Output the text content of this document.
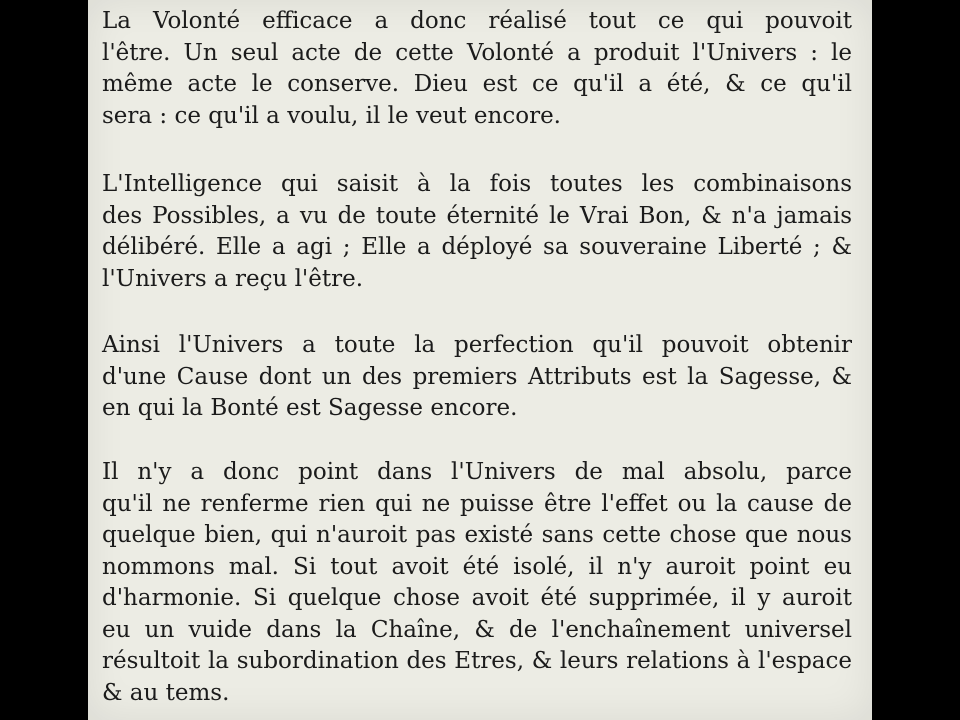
La Volonté efficace a donc réalisé tout ce qui pouvoit
l'être. Un seul acte de cette Volonté a produit l'Univers : le
même acte le conserve. Dieu est ce qu'il a été, & ce qu'il
sera : ce qu'il a voulu, il le veut encore.

L'Intelligence qui saisit à la fois toutes les combinaisons
des Possibles, a vu de toute éternité le Vrai Bon, & n'a jamais
délibéré. Elle a agi ; Elle a déployé sa souveraine Liberté ; &
l'Univers a reçu l'être.

Ainsi l'Univers a toute la perfection qu'il pouvoit obtenir
d'une Cause dont un des premiers Attributs est la Sagesse, &
en qui la Bonté est Sagesse encore.

Il n'y a donc point dans l'Univers de mal absolu, parce
qu'il ne renferme rien qui ne puisse être l'effet ou la cause de
quelque bien, qui n'auroit pas existé sans cette chose que nous
nommons mal. Si tout avoit été isolé, il n'y auroit point eu
d'harmonie. Si quelque chose avoit été supprimée, il y auroit
eu un vuide dans la Chaîne, & de l'enchaînement universel
résultoit la subordination des Etres, & leurs relations à l'espace
& au tems.
